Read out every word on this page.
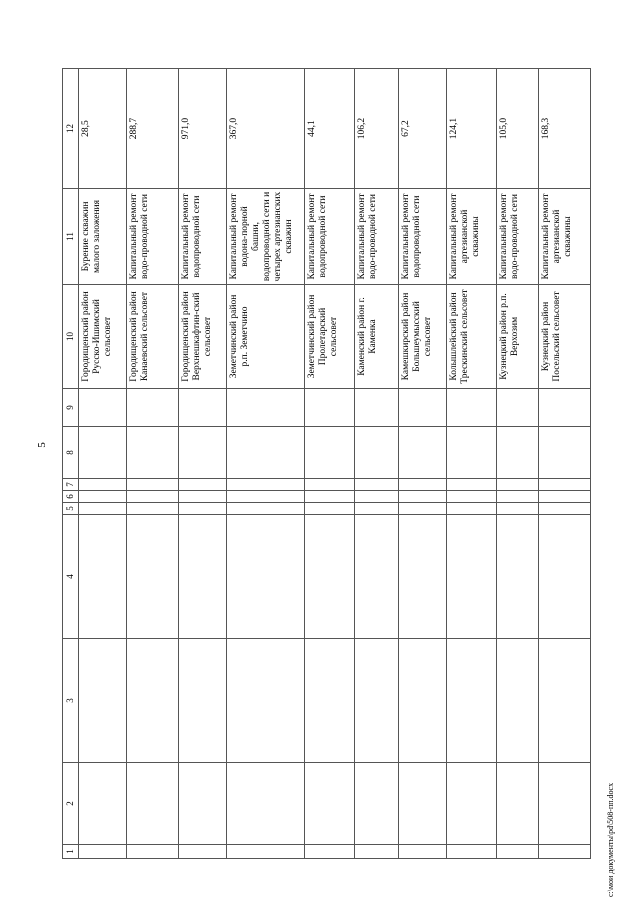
5
1	2	3	4	5	6	7	8	9	10	11	12
									Городищенский район Русско-Ишимский сельсовет	Бурение скважин малого заложения	28,5
									Городищенский район Канаевский сельсовет	Капитальный ремонт водо-проводной сети	288,7
									Городищенский район Верхнешкафтин-ский сельсовет	Капитальный ремонт водопроводной сети	971,0
									Земетчинский район р.п. Земетчино	Капитальный ремонт водона-порной башни, водопроводной сети и четырех артезианских скважин	367,0
									Земетчинский район Пролетарский сельсовет	Капитальный ремонт водопроводной сети	44,1
									Каменский район г. Каменка	Капитальный ремонт водо-проводной сети	106,2
									Камешкирский район Большеумысский сельсовет	Капитальный ремонт водопроводной сети	67,2
									Колышлейский район Трескинский сельсовет	Капитальный ремонт артезианской скважины	124,1
									Кузнецкий район р.п. Верхозим	Капитальный ремонт водо-проводной сети	105,0
									Кузнецкий район Посельский сельсовет	Капитальный ремонт артезианской скважины	168,3
c:\мои документы\pd\508-пп.docx
